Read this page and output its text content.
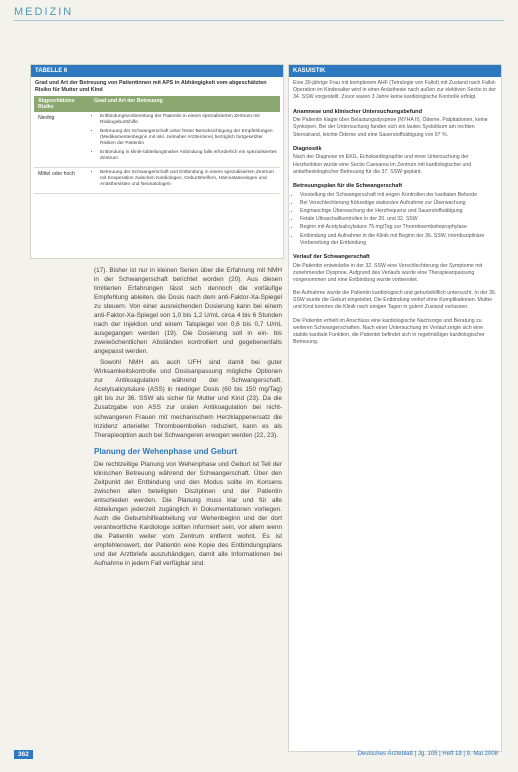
MEDIZIN
TABELLE 6
Grad und Art der Betreuung von Patientinnen mit APS in Abhängigkeit vom abgeschätzten Risiko für Mutter und Kind
Abgeschätztes Risiko
Grad und Art der Betreuung
Niedrig	• Entbindungsvorbereitung der Patientin in einem spezialisierten Zentrum mit Risikogeburtshilfe
• Betreuung der Schwangerschaft unter fester Berücksichtigung der Empfehlungen (Medikamentenbeginn mit inkl. zeitnaher Arzttermine) bezüglich fortgesetzter Risiken der Patientin
• Entbindung in klinik-/abteilungsnaher Anbindung falls erforderlich ein spezialisiertes Zentrum
Mittel oder hoch	• Betreuung der Schwangerschaft und Entbindung in einem spezialisierten Zentrum mit Kooperation zwischen Kardiologen, Geburtshelfern, Hämostaseologen und Anästhesisten und Neonatologen

(17). Bisher ist nur in kleinen Serien über die Erfahrung mit NMH in der Schwangerschaft berichtet worden (20). Aus diesen limitierten Erfahrungen lässt sich dennoch die vorläufige Empfehlung ableiten, die Dosis nach dem anti-Faktor-Xa-Spiegel zu steuern. Von einer ausreichenden Dosierung kann bei einem anti-Faktor-Xa-Spiegel von 1,0 bis 1,2 U/mL circa 4 bis 6 Stunden nach der Injektion und einem Talspiegel von 0,6 bis 0,7 U/mL ausgegangen werden (19). Die Dosierung soll in ein- bis zweiwöchentlichen Abständen kontrolliert und gegebenenfalls angepasst werden.

Sowohl NMH als auch UFH sind damit bei guter Wirksamkeitskontrolle und Dosisanpassung mögliche Optionen zur Antikoagulation während der Schwangerschaft. Acetylsalicylsäure (ASS) in niedriger Dosis (60 bis 150 mg/Tag) gilt bis zur 36. SSW als sicher für Mutter und Kind (23). Da die Zusatzgabe von ASS zur oralen Antikoagulation bei nicht-schwangeren Frauen mit mechanischem Herzklappenersatz die Inzidenz arterieller Thromboembolien reduziert, kann es als Therapieoption auch bei Schwangeren erwogen werden (22, 23).

Planung der Wehenphase und Geburt

Die rechtzeitige Planung von Wehenphase und Geburt ist Teil der klinischen Betreuung während der Schwangerschaft. Über den Zeitpunkt der Entbindung und den Modus sollte im Konsens zwischen allen beteiligten Disziplinen und der Patientin entschieden werden. Die Planung muss klar und für alle Abteilungen jederzeit zugänglich in Dokumentationen vorliegen. Auch die Geburtshilfeabteilung vor Wehenbeginn und der dort verantwortliche Kardiologe sollten informiert sein, vor allem wenn die Patientin weiter vom Zentrum entfernt wohnt. Es ist empfehlenswert, der Patientin eine Kopie des Entbindungsplans und der Arztbriefe auszuhändigen, damit alle Informationen bei Aufnahme in jedem Fall verfügbar sind.

KASUISTIK

Eine 30-jährige Frau mit komplexem AHF (Tetralogie von Fallot) mit Zustand nach Fallot-Operation im Kindesalter wird in einer Anästhesie nach außen zur elektiven Sectio in der 34. SSW vorgestellt. Zuvor waren 3 Jahre keine kardiologische Kontrolle erfolgt.

Anamnese und klinischer Untersuchungsbefund

Die Patientin klagte über Belastungsdyspnoe (NYHA II), Ödeme. Palpitationen, keine Synkopen. Bei der Untersuchung fanden sich ein lautes Systolikum am rechten Sternalrand, leichte Ödeme und eine Sauerstoffsättigung von 97 %.

Diagnostik

Nach der Diagnose im EKG, Echokardiographie und einer Untersuchung der Herzfunktion wurde eine Sectio Caesarea im Zentrum mit kardiologischer und anästhesiologischer Betreuung für die 37. SSW geplant.

Betreuungsplan für die Schwangerschaft
• Vorstellung der Schwangerschaft mit engen Kontrollen der kardialen Befunde
• Bei Verschlechterung frühzeitige stationäre Aufnahme zur Überwachung
• Engmaschige Überwachung der Herzfrequenz und Sauerstoffsättigung
• Fetale Ultraschallkontrollen in der 20. und 32. SSW
• Beginn mit Acetylsalicylsäure 75 mg/Tag zur Thromboembolieprophylaxe
• Entbindung und Aufnahme in die Klinik mit Beginn der 36. SSW, interdisziplinäre Vorbereitung der Entbindung
Verlauf der Schwangerschaft

Die Patientin entwickelte in der 32. SSW eine Verschlechterung der Symptome mit zunehmender Dyspnoe. Aufgrund des Verlaufs wurde eine Therapieanpassung vorgenommen und eine Entbindung wurde vorbereitet.

Bei Aufnahme wurde die Patientin kardiologisch und geburtshilflich untersucht. In der 36. SSW wurde die Geburt eingeleitet. Die Entbindung verlief ohne Komplikationen. Mutter und Kind konnten die Klinik nach einigen Tagen in gutem Zustand verlassen.

Die Patientin erhielt im Anschluss eine kardiologische Nachsorge und Beratung zu weiteren Schwangerschaften. Nach einer Untersuchung im Verlauf zeigte sich eine stabile kardiale Funktion, die Patientin befindet sich in regelmäßiger kardiologischer Betreuung.

362	Deutsches Ärzteblatt | Jg. 105 | Heft 19 | 9. Mai 2008
